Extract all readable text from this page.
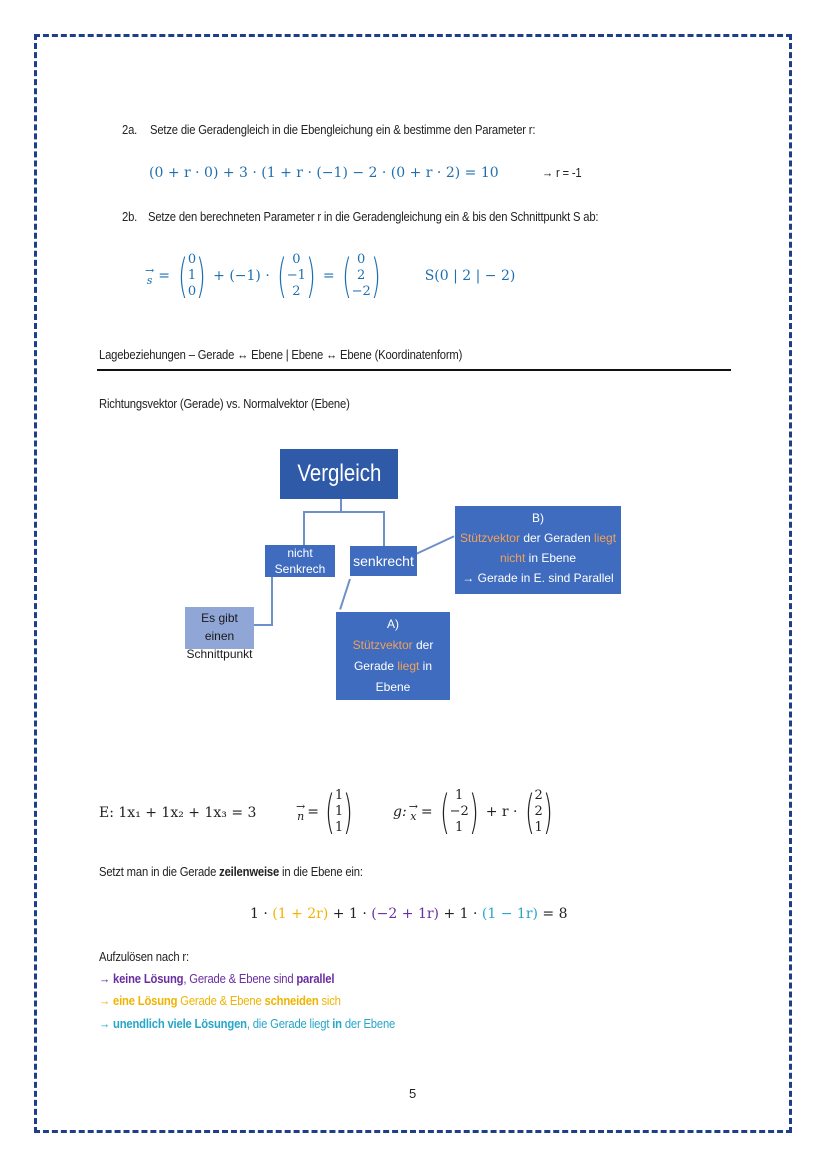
2a. Setze die Geradengleich in die Ebengleichung ein & bestimme den Parameter r:
(0 + r · 0) + 3 · (1 + r · (−1) − 2 · (0 + r · 2) = 10	→ r = -1
2b. Setze den berechneten Parameter r in die Geradengleichung ein & bis den Schnittpunkt S ab:
→
s = ( 0
1
0 ) + (−1) · ( 0
−1
2 ) = ( 0
2
−2 )	S(0 | 2 | − 2)
Lagebeziehungen – Gerade ↔ Ebene | Ebene ↔ Ebene (Koordinatenform)
Richtungsvektor (Gerade) vs. Normalvektor (Ebene)
Vergleich
nicht
Senkrech	senkrecht
Es gibt einen
Schnittpunkt
A)
Stützvektor der
Gerade liegt in Ebene
→ Gerade liegt in E.
B)
Stützvektor der Geraden liegt
nicht in Ebene
→ Gerade in E. sind Parallel
E: 1x₁ + 1x₂ + 1x₃ = 3	→
n = ( 1
1
1 )	g: →
x = ( 1
−2
1 ) + r · ( 2
2
1 )
Setzt man in die Gerade zeilenweise in die Ebene ein:
1 · (1 + 2r) + 1 · (−2 + 1r) + 1 · (1 − 1r) = 8
Aufzulösen nach r:
→ keine Lösung, Gerade & Ebene sind parallel
→ eine Lösung Gerade & Ebene schneiden sich
→ unendlich viele Lösungen, die Gerade liegt in der Ebene
5
